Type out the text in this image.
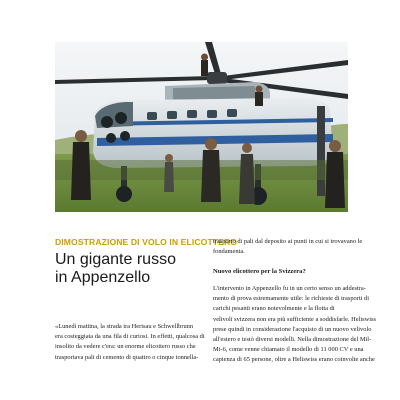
DIMOSTRAZIONE DI VOLO IN ELICOTTERO
Un gigante russo
in Appenzello
«Lunedì mattina, la strada tra Herisau e Schwellbrunn
era costeggiata da una fila di curiosi. In effetti, qualcosa di
insolito da vedere c'era: un enorme elicottero russo che
trasportava pali di cemento di quattro o cinque tonnella-
trasporto di pali dal deposito ai punti in cui si trovavano le
fondamenta.
Nuovo elicottero per la Svizzera?
L'intervento in Appenzello fu in un certo senso un addestra-
mento di prova estremamente utile: le richieste di trasporti di
carichi pesanti erano notevolmente e la flotta di
velivoli svizzera non era più sufficiente a soddisfarle. Heliswiss
prese quindi in considerazione l'acquisto di un nuovo velivolo
all'estero e testò diversi modelli. Nella dimostrazione del Mil-
Mi-6, come venne chiamato il modello di 11 000 CV e una
capienza di 65 persone, oltre a Heliswiss erano coinvolte anche
